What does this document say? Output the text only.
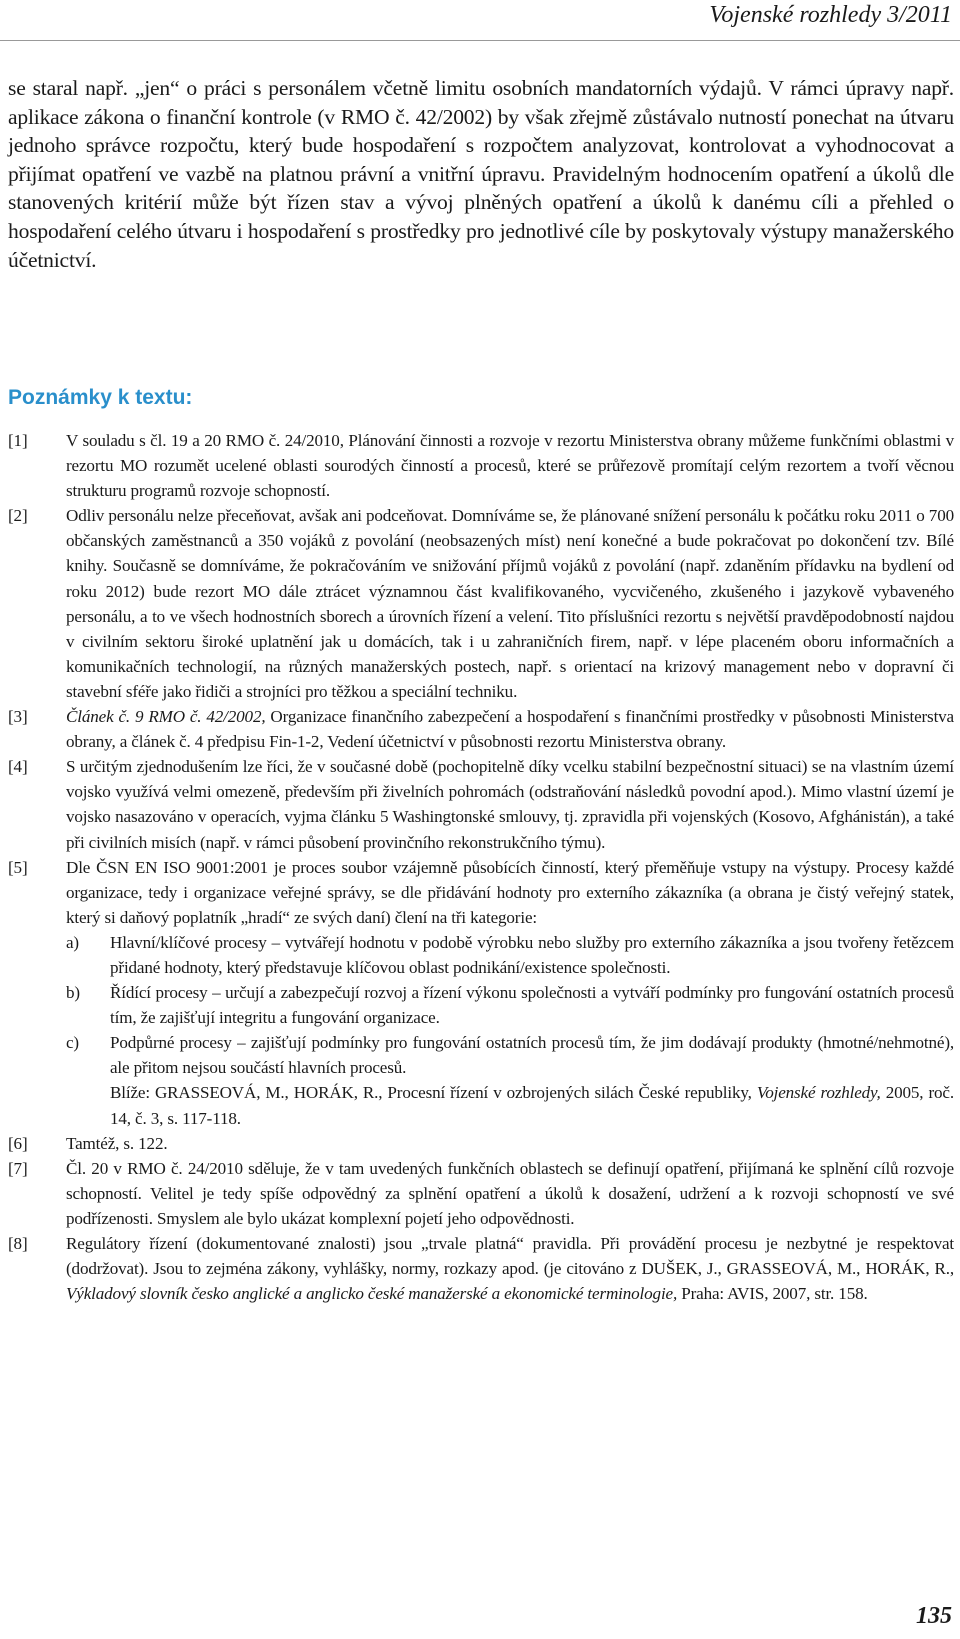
Vojenské rozhledy 3/2011

se staral např. „jen“ o práci s personálem včetně limitu osobních mandatorních výdajů. V rámci úpravy např. aplikace zákona o finanční kontrole (v RMO č. 42/2002) by však zřejmě zůstávalo nutností ponechat na útvaru jednoho správce rozpočtu, který bude hospodaření s rozpočtem analyzovat, kontrolovat a vyhodnocovat a přijímat opatření ve vazbě na platnou právní a vnitřní úpravu. Pravidelným hodnocením opatření a úkolů dle stanovených kritérií může být řízen stav a vývoj plněných opatření a úkolů k danému cíli a přehled o hospodaření celého útvaru i hospodaření s prostředky pro jednotlivé cíle by poskytovaly výstupy manažerského účetnictví.

Poznámky k textu:
[1] V souladu s čl. 19 a 20 RMO č. 24/2010, Plánování činnosti a rozvoje v rezortu Ministerstva obrany můžeme funkčními oblastmi v rezortu MO rozumět ucelené oblasti sourodých činností a procesů, které se průřezově promítají celým rezortem a tvoří věcnou strukturu programů rozvoje schopností.
[2] Odliv personálu nelze přeceňovat, avšak ani podceňovat. Domníváme se, že plánované snížení personálu k počátku roku 2011 o 700 občanských zaměstnanců a 350 vojáků z povolání (neobsazených míst) není konečné a bude pokračovat po dokončení tzv. Bílé knihy. Současně se domníváme, že pokračováním ve snižování příjmů vojáků z povolání (např. zdaněním přídavku na bydlení od roku 2012) bude rezort MO dále ztrácet významnou část kvalifikovaného, vycvičeného, zkušeného i jazykově vybaveného personálu, a to ve všech hodnostních sborech a úrovních řízení a velení. Tito příslušníci rezortu s největší pravděpodobností najdou v civilním sektoru široké uplatnění jak u domácích, tak i u zahraničních firem, např. v lépe placeném oboru informačních a komunikačních technologií, na různých manažerských postech, např. s orientací na krizový management nebo v dopravní či stavební sféře jako řidiči a strojníci pro těžkou a speciální techniku.
[3] Článek č. 9 RMO č. 42/2002, Organizace finančního zabezpečení a hospodaření s finančními prostředky v působnosti Ministerstva obrany, a článek č. 4 předpisu Fin-1-2, Vedení účetnictví v působnosti rezortu Ministerstva obrany.
[4] S určitým zjednodušením lze říci, že v současné době (pochopitelně díky vcelku stabilní bezpečnostní situaci) se na vlastním území vojsko využívá velmi omezeně, především při živelních pohromách (odstraňování následků povodní apod.). Mimo vlastní území je vojsko nasazováno v operacích, vyjma článku 5 Washingtonské smlouvy, tj. zpravidla při vojenských (Kosovo, Afghánistán), a také při civilních misích (např. v rámci působení provinčního rekonstrukčního týmu).
[5] Dle ČSN EN ISO 9001:2001 je proces soubor vzájemně působících činností, který přeměňuje vstupy na výstupy. Procesy každé organizace, tedy i organizace veřejné správy, se dle přidávání hodnoty pro externího zákazníka (a obrana je čistý veřejný statek, který si daňový poplatník „hradí“ ze svých daní) člení na tři kategorie:
a) Hlavní/klíčové procesy – vytvářejí hodnotu v podobě výrobku nebo služby pro externího zákazníka a jsou tvořeny řetězcem přidané hodnoty, který představuje klíčovou oblast podnikání/existence společnosti.
b) Řídící procesy – určují a zabezpečují rozvoj a řízení výkonu společnosti a vytváří podmínky pro fungování ostatních procesů tím, že zajišťují integritu a fungování organizace.
c) Podpůrné procesy – zajišťují podmínky pro fungování ostatních procesů tím, že jim dodávají produkty (hmotné/nehmotné), ale přitom nejsou součástí hlavních procesů.
Blíže: GRASSEOVÁ, M., HORÁK, R., Procesní řízení v ozbrojených silách České republiky, Vojenské rozhledy, 2005, roč. 14, č. 3, s. 117-118.
[6] Tamtéž, s. 122.
[7] Čl. 20 v RMO č. 24/2010 sděluje, že v tam uvedených funkčních oblastech se definují opatření, přijímaná ke splnění cílů rozvoje schopností. Velitel je tedy spíše odpovědný za splnění opatření a úkolů k dosažení, udržení a k rozvoji schopností ve své podřízenosti. Smyslem ale bylo ukázat komplexní pojetí jeho odpovědnosti.
[8] Regulátory řízení (dokumentované znalosti) jsou „trvale platná“ pravidla. Při provádění procesu je nezbytné je respektovat (dodržovat). Jsou to zejména zákony, vyhlášky, normy, rozkazy apod. (je citováno z DUŠEK, J., GRASSEOVÁ, M., HORÁK, R., Výkladový slovník česko anglické a anglicko české manažerské a ekonomické terminologie, Praha: AVIS, 2007, str. 158.
135
